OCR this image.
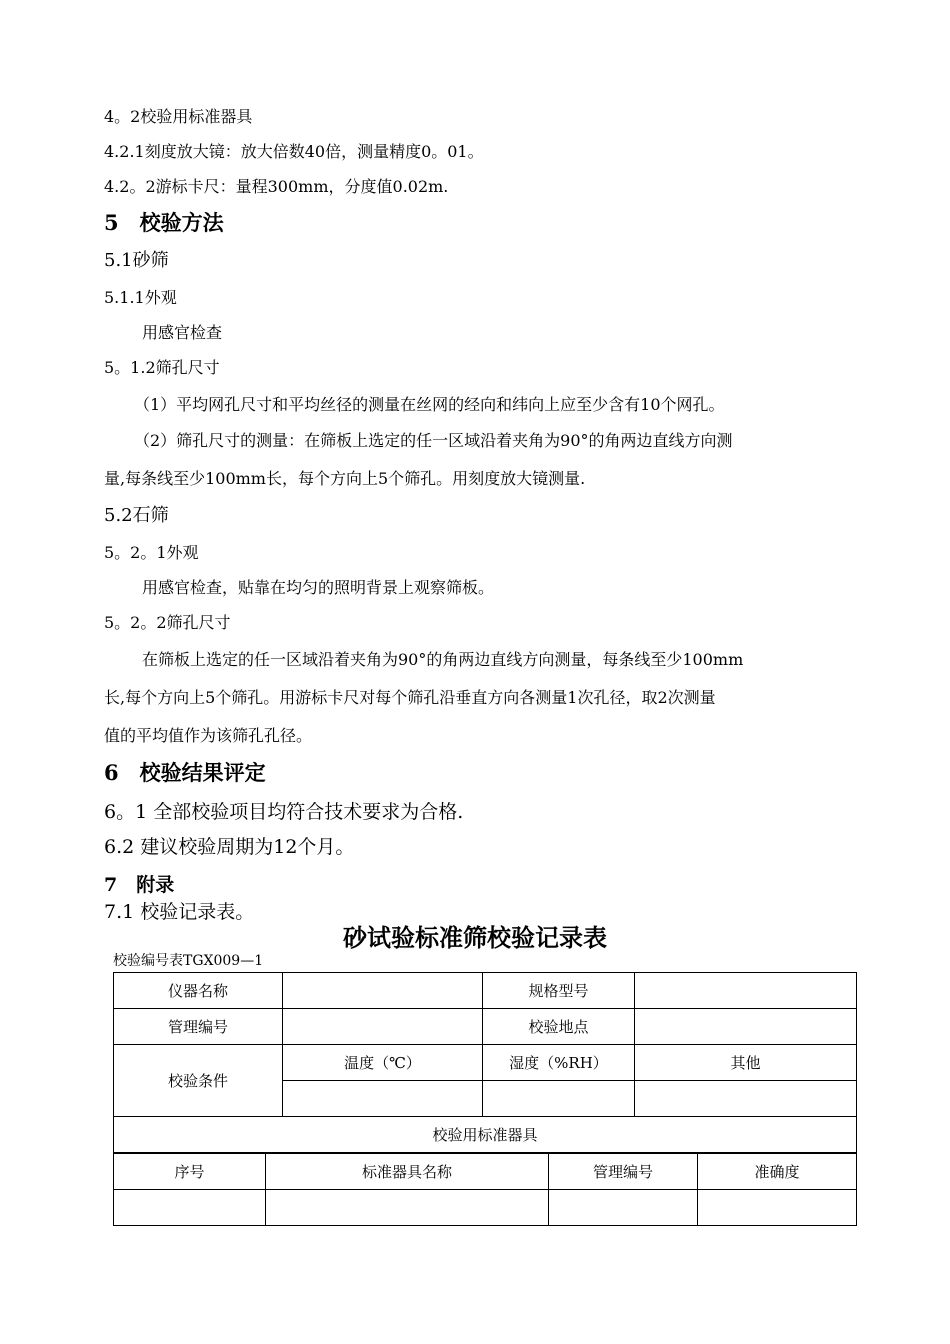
4。2校验用标准器具
4.2.1刻度放大镜：放大倍数40倍，测量精度0。01。
4.2。2游标卡尺：量程300mm，分度值0.02m.
5　校验方法
5.1砂筛
5.1.1外观
用感官检查
5。1.2筛孔尺寸
（1）平均网孔尺寸和平均丝径的测量在丝网的经向和纬向上应至少含有10个网孔。
（2）筛孔尺寸的测量：在筛板上选定的任一区域沿着夹角为90°的角两边直线方向测
量,每条线至少100mm长，每个方向上5个筛孔。用刻度放大镜测量.
5.2石筛
5。2。1外观
用感官检查，贴靠在均匀的照明背景上观察筛板。
5。2。2筛孔尺寸
在筛板上选定的任一区域沿着夹角为90°的角两边直线方向测量，每条线至少100mm
长,每个方向上5个筛孔。用游标卡尺对每个筛孔沿垂直方向各测量1次孔径，取2次测量
值的平均值作为该筛孔孔径。
6　校验结果评定
6。1 全部校验项目均符合技术要求为合格.
6.2 建议校验周期为12个月。
7　附录
7.1 校验记录表。
砂试验标准筛校验记录表
校验编号表TGX009—1
仪器名称		规格型号	
管理编号		校验地点	
校验条件	温度（℃）	湿度（%RH）	其他

校验用标准器具			
序号	标准器具名称	管理编号	准确度
